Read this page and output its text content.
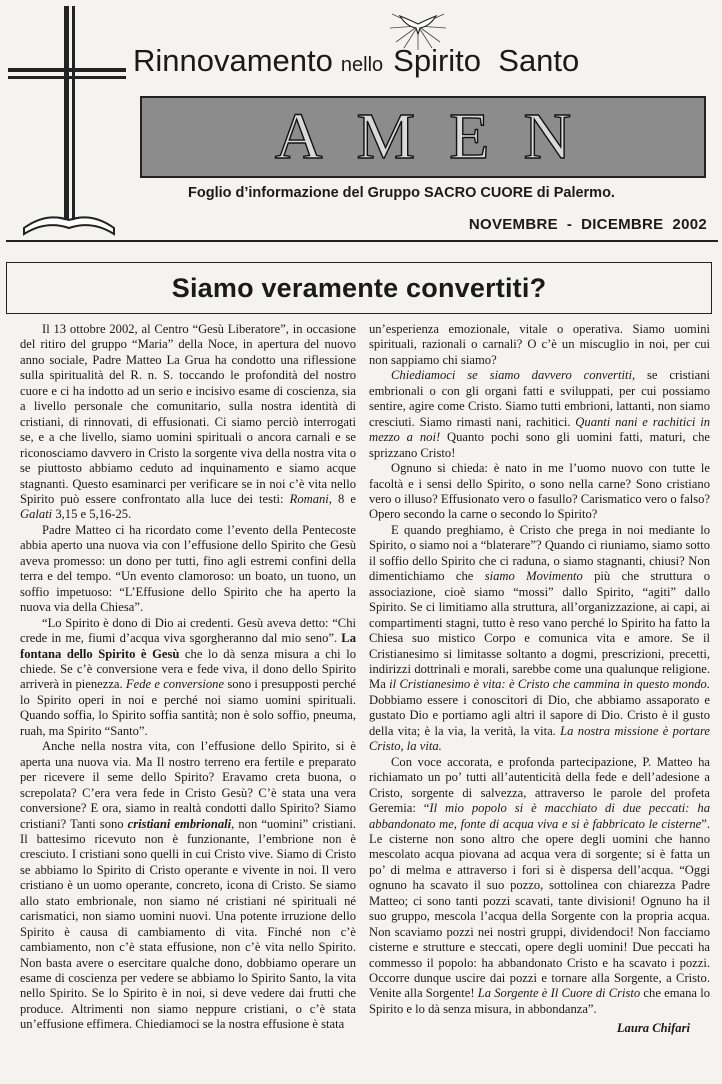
Rinnovamento nello Spirito  Santo
AMEN
Foglio d’informazione del Gruppo SACRO CUORE di Palermo.
NOVEMBRE  -  DICEMBRE  2002
Siamo veramente convertiti?

Il 13 ottobre 2002, al Centro “Gesù Liberatore”, in occasione del ritiro del gruppo “Maria” della Noce, in apertura del nuovo anno sociale, Padre Matteo La Grua ha condotto una riflessione sulla spiritualità del R. n. S. toccando le profondità del nostro cuore e ci ha indotto ad un serio e incisivo esame di coscienza, sia a livello personale che comunitario, sulla nostra identità di cristiani, di rinnovati, di effusionati. Ci siamo perciò interrogati se, e a che livello, siamo uomini spirituali o ancora carnali e se riconosciamo davvero in Cristo la sorgente viva della nostra vita o se piuttosto abbiamo ceduto ad inquinamento e siamo acque stagnanti. Questo esaminarci per verificare se in noi c’è vita nello Spirito può essere confrontato alla luce dei testi: Romani, 8 e Galati 3,15 e 5,16-25.

Padre Matteo ci ha ricordato come l’evento della Pentecoste abbia aperto una nuova via con l’effusione dello Spirito che Gesù aveva promesso: un dono per tutti, fino agli estremi confini della terra e del tempo. “Un evento clamoroso: un boato, un tuono, un soffio impetuoso: “L’Effusione dello Spirito che ha aperto la nuova via della Chiesa”.

“Lo Spirito è dono di Dio ai credenti. Gesù aveva detto: “Chi crede in me, fiumi d’acqua viva sgorgheranno dal mio seno”. La fontana dello Spirito è Gesù che lo dà senza misura a chi lo chiede. Se c’è conversione vera e fede viva, il dono dello Spirito arriverà in pienezza. Fede e conversione sono i presupposti perché lo Spirito operi in noi e perché noi siamo uomini spirituali. Quando soffia, lo Spirito soffia santità; non è solo soffio, pneuma, ruah, ma Spirito “Santo”.

Anche nella nostra vita, con l’effusione dello Spirito, si è aperta una nuova via. Ma Il nostro terreno era fertile e preparato per ricevere il seme dello Spirito? Eravamo creta buona, o screpolata? C’era vera fede in Cristo Gesù? C’è stata una vera conversione? E ora, siamo in realtà condotti dallo Spirito? Siamo cristiani? Tanti sono cristiani embrionali, non “uomini” cristiani. Il battesimo ricevuto non è funzionante, l’embrione non è cresciuto. I cristiani sono quelli in cui Cristo vive. Siamo di Cristo se abbiamo lo Spirito di Cristo operante e vivente in noi. Il vero cristiano è un uomo operante, concreto, icona di Cristo. Se siamo allo stato embrionale, non siamo né cristiani né spirituali né carismatici, non siamo uomini nuovi. Una potente irruzione dello Spirito è causa di cambiamento di vita. Finché non c’è cambiamento, non c’è stata effusione, non c’è vita nello Spirito. Non basta avere o esercitare qualche dono, dobbiamo operare un esame di coscienza per vedere se abbiamo lo Spirito Santo, la vita nello Spirito. Se lo Spirito è in noi, si deve vedere dai frutti che produce. Altrimenti non siamo neppure cristiani, o c’è stata un’effusione effimera. Chiediamoci se la nostra effusione è stata

un’esperienza emozionale, vitale o operativa. Siamo uomini spirituali, razionali o carnali? O c’è un miscuglio in noi, per cui non sappiamo chi siamo?

Chiediamoci se siamo davvero convertiti, se cristiani embrionali o con gli organi fatti e sviluppati, per cui possiamo sentire, agire come Cristo. Siamo tutti embrioni, lattanti, non siamo cresciuti. Siamo rimasti nani, rachitici. Quanti nani e rachitici in mezzo a noi! Quanto pochi sono gli uomini fatti, maturi, che sprizzano Cristo!

Ognuno si chieda: è nato in me l’uomo nuovo con tutte le facoltà e i sensi dello Spirito, o sono nella carne? Sono cristiano vero o illuso? Effusionato vero o fasullo? Carismatico vero o falso? Opero secondo la carne o secondo lo Spirito?

E quando preghiamo, è Cristo che prega in noi mediante lo Spirito, o siamo noi a “blaterare”? Quando ci riuniamo, siamo sotto il soffio dello Spirito che ci raduna, o siamo stagnanti, chiusi? Non dimentichiamo che siamo Movimento più che struttura o associazione, cioè siamo “mossi” dallo Spirito, “agiti” dallo Spirito. Se ci limitiamo alla struttura, all’organizzazione, ai capi, ai compartimenti stagni, tutto è reso vano perché lo Spirito ha fatto la Chiesa suo mistico Corpo e comunica vita e amore. Se il Cristianesimo si limitasse soltanto a dogmi, prescrizioni, precetti, indirizzi dottrinali e morali, sarebbe come una qualunque religione. Ma il Cristianesimo è vita: è Cristo che cammina in questo mondo. Dobbiamo essere i conoscitori di Dio, che abbiamo assaporato e gustato Dio e portiamo agli altri il sapore di Dio. Cristo è il gusto della vita; è la via, la verità, la vita. La nostra missione è portare Cristo, la vita.

Con voce accorata, e profonda partecipazione, P. Matteo ha richiamato un po’ tutti all’autenticità della fede e dell’adesione a Cristo, sorgente di salvezza, attraverso le parole del profeta Geremia: “Il mio popolo si è macchiato di due peccati: ha abbandonato me, fonte di acqua viva e si è fabbricato le cisterne”. Le cisterne non sono altro che opere degli uomini che hanno mescolato acqua piovana ad acqua vera di sorgente; si è fatta un po’ di melma e attraverso i fori si è dispersa dell’acqua. “Oggi ognuno ha scavato il suo pozzo, sottolinea con chiarezza Padre Matteo; ci sono tanti pozzi scavati, tante divisioni! Ognuno ha il suo gruppo, mescola l’acqua della Sorgente con la propria acqua. Non scaviamo pozzi nei nostri gruppi, dividendoci! Non facciamo cisterne e strutture e steccati, opere degli uomini! Due peccati ha commesso il popolo: ha abbandonato Cristo e ha scavato i pozzi. Occorre dunque uscire dai pozzi e tornare alla Sorgente, a Cristo. Venite alla Sorgente! La Sorgente è Il Cuore di Cristo che emana lo Spirito e lo dà senza misura, in abbondanza”.

Laura Chifari
